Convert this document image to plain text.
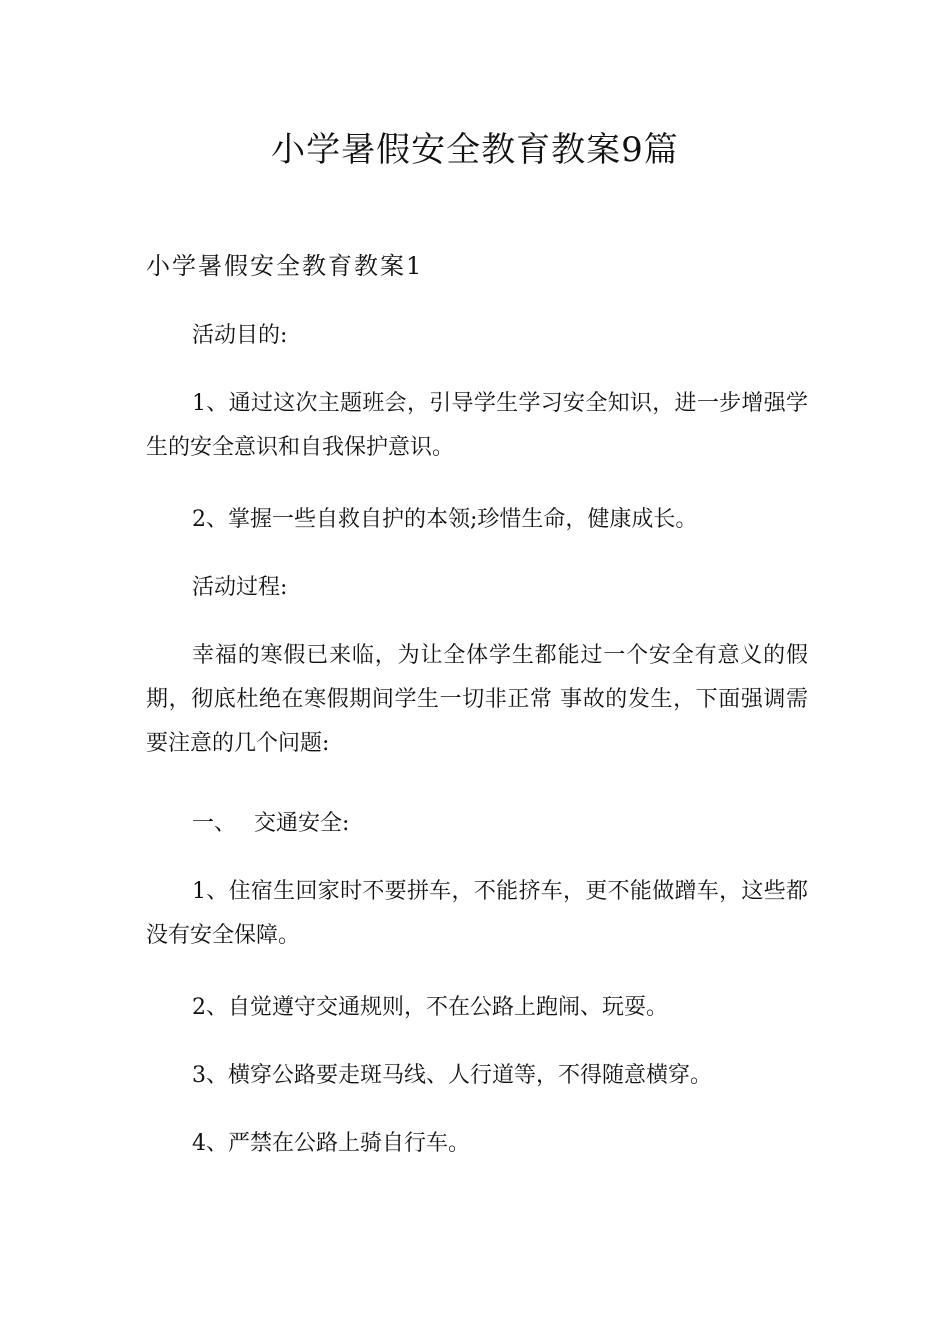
小学暑假安全教育教案9篇
小学暑假安全教育教案1

活动目的:

1、通过这次主题班会，引导学生学习安全知识，进一步增强学生的安全意识和自我保护意识。

2、掌握一些自救自护的本领;珍惜生命，健康成长。

活动过程:

幸福的寒假已来临，为让全体学生都能过一个安全有意义的假期，彻底杜绝在寒假期间学生一切非正常 事故的发生，下面强调需要注意的几个问题:

一、 交通安全:

1、住宿生回家时不要拼车，不能挤车，更不能做蹭车，这些都没有安全保障。

2、自觉遵守交通规则，不在公路上跑闹、玩耍。

3、横穿公路要走斑马线、人行道等，不得随意横穿。

4、严禁在公路上骑自行车。
